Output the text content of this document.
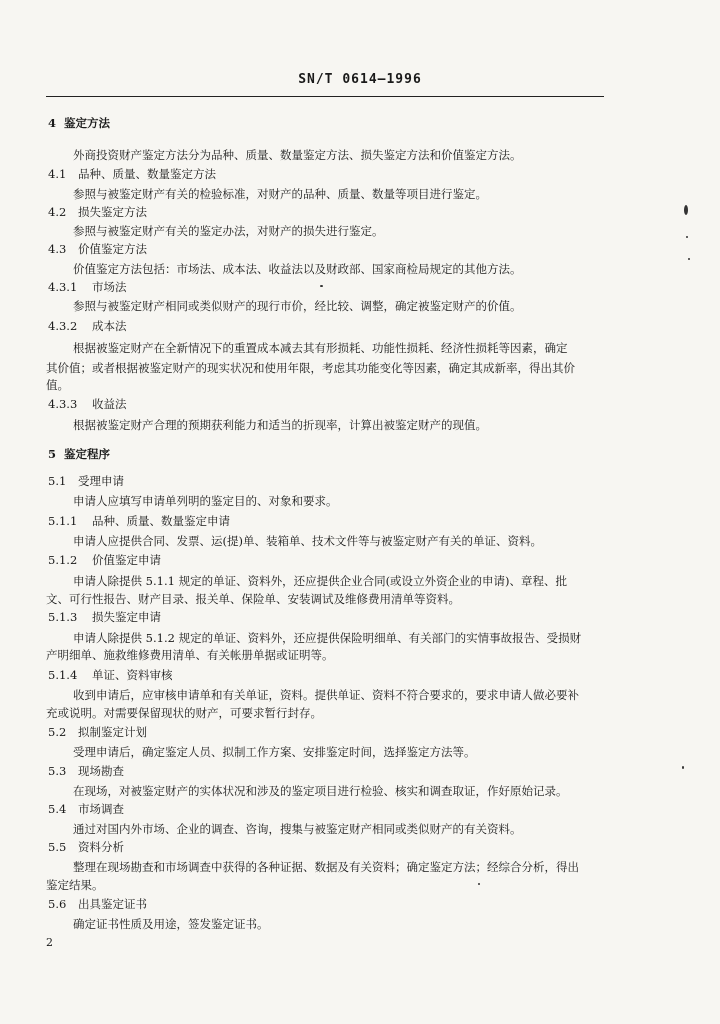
SN/T 0614—1996
4 鉴定方法
外商投资财产鉴定方法分为品种、质量、数量鉴定方法、损失鉴定方法和价值鉴定方法。
4.1 品种、质量、数量鉴定方法
参照与被鉴定财产有关的检验标准，对财产的品种、质量、数量等项目进行鉴定。
4.2 损失鉴定方法
参照与被鉴定财产有关的鉴定办法，对财产的损失进行鉴定。
4.3 价值鉴定方法
价值鉴定方法包括：市场法、成本法、收益法以及财政部、国家商检局规定的其他方法。
4.3.1 市场法
参照与被鉴定财产相同或类似财产的现行市价，经比较、调整，确定被鉴定财产的价值。
4.3.2 成本法
根据被鉴定财产在全新情况下的重置成本减去其有形损耗、功能性损耗、经济性损耗等因素，确定
其价值；或者根据被鉴定财产的现实状况和使用年限，考虑其功能变化等因素，确定其成新率，得出其价
值。
4.3.3 收益法
根据被鉴定财产合理的预期获利能力和适当的折现率，计算出被鉴定财产的现值。
5 鉴定程序
5.1 受理申请
申请人应填写申请单列明的鉴定目的、对象和要求。
5.1.1 品种、质量、数量鉴定申请
申请人应提供合同、发票、运(提)单、装箱单、技术文件等与被鉴定财产有关的单证、资料。
5.1.2 价值鉴定申请
申请人除提供 5.1.1 规定的单证、资料外，还应提供企业合同(或设立外资企业的申请)、章程、批
文、可行性报告、财产目录、报关单、保险单、安装调试及维修费用清单等资料。
5.1.3 损失鉴定申请
申请人除提供 5.1.2 规定的单证、资料外，还应提供保险明细单、有关部门的实情事故报告、受损财
产明细单、施救维修费用清单、有关帐册单据或证明等。
5.1.4 单证、资料审核
收到申请后，应审核申请单和有关单证，资料。提供单证、资料不符合要求的，要求申请人做必要补
充或说明。对需要保留现状的财产，可要求暂行封存。
5.2 拟制鉴定计划
受理申请后，确定鉴定人员、拟制工作方案、安排鉴定时间，选择鉴定方法等。
5.3 现场勘查
在现场，对被鉴定财产的实体状况和涉及的鉴定项目进行检验、核实和调查取证，作好原始记录。
5.4 市场调查
通过对国内外市场、企业的调查、咨询，搜集与被鉴定财产相同或类似财产的有关资料。
5.5 资料分析
整理在现场勘查和市场调查中获得的各种证据、数据及有关资料；确定鉴定方法；经综合分析，得出
鉴定结果。
5.6 出具鉴定证书
确定证书性质及用途，签发鉴定证书。
2
